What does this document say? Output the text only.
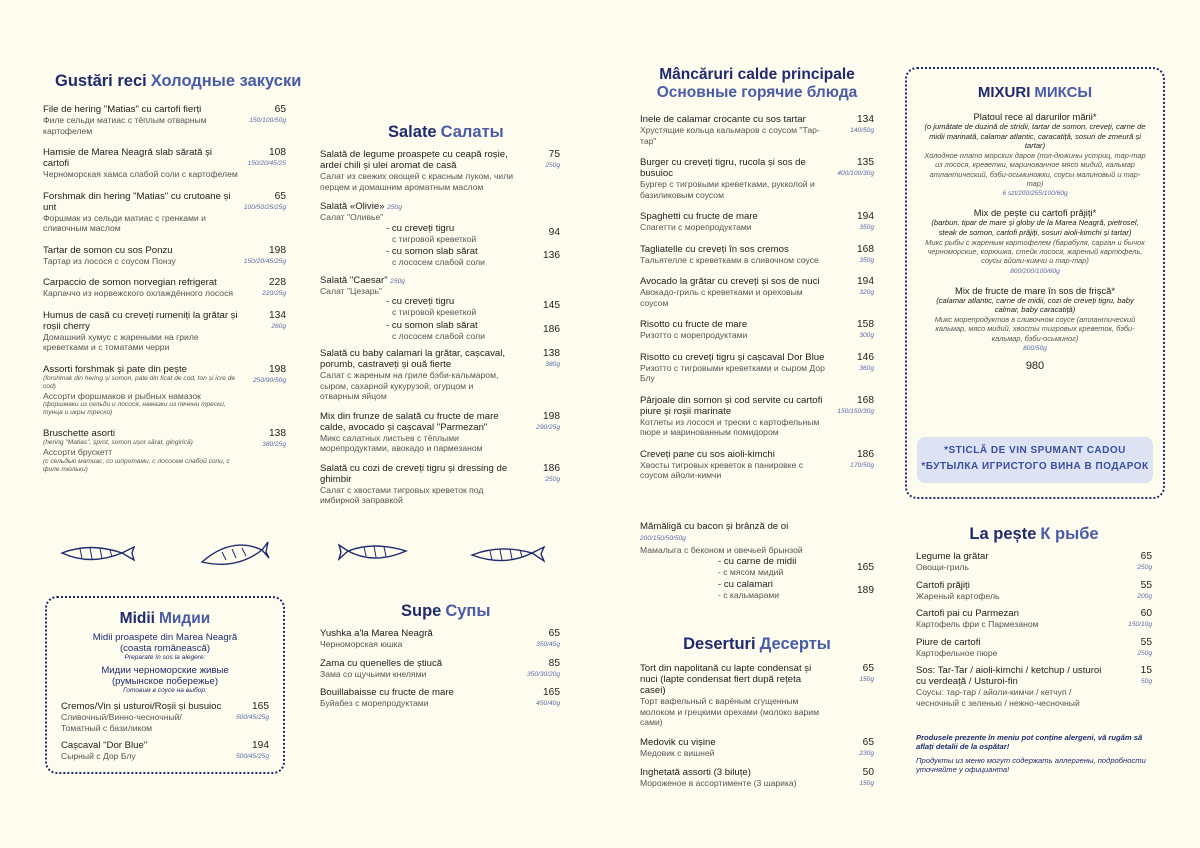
Gustări reci Холодные закуски
File de hering "Matias" cu cartofi fierți
Филе сельди матиас с тёплым отварным картофелем
65
150/100/50g
Hamsie de Marea Neagră slab sărată și cartofi
Черноморская хамса слабой соли с картофелем
108
150/20/45/25
Forshmak din hering "Matias" cu crutoane și unt
Форшмак из сельди матиас с гренками и сливочным маслом
65
100/50/25/25g
Tartar de somon cu sos Ponzu
Тартар из лосося с соусом Понзу
198
150/20/45/25g
Carpaccio de somon norvegian refrigerat
Карпаччо из норвежского охлаждённого лосося
228
220/25g
Humus de casă cu creveți rumeniți la grătar și roșii cherry
Домашний хумус с жареными на гриле креветками и с томатами черри
134
260g
Assorti forshmak și pate din pește
(forshmak din hering și somon, pate din ficat de cod, ton și icre de cod)
Ассорти форшмаков и рыбных намазок
(форшмаки из сельди и лосося, намазки из печени трески, тунца и икры трески)
198
250/90/50g
Bruschette asorti
(hering "Matias", șprot, somon ușor sărat, gingirică)
Ассорти брускетт
(с сельдью матиас, со шпротами, с лососем слабой соли, с филе тюльки)
138
380/25g
Midii Мидии
Midii proaspete din Marea Neagră (coasta românească)
Preparate în sos la alegere:
Мидии черноморские живые (румынское побережье)
Готовим в соусе на выбор:
Cremos/Vin și usturoi/Roșii și busuioc
Сливочный/Винно-чесночный/ Томатный с базиликом
165
500/45/25g
Cașcaval "Dor Blue"
Сырный с Дор Блу
194
500/45/25g
Salate Салаты
Salată de legume proaspete cu ceapă roșie, ardei chili și ulei aromat de casă
Салат из свежих овощей с красным луком, чили перцем и домашним ароматным маслом
75
250g
Salată «Olivie» 250g
Салат "Оливье"
- cu creveți tigru
с тигровой креветкой
94
- cu somon slab sărat
с лососем слабой соли
136
Salată "Caesar" 250g
Салат "Цезарь"
- cu creveți tigru
с тигровой креветкой
145
- cu somon slab sărat
с лососем слабой соли
186
Salată cu baby calamari la grătar, cașcaval, porumb, castraveți și ouă fierte
Салат с жареным на гриле бэби-кальмаром, сыром, сахарной кукурузой, огурцом и отварным яйцом
138
380g
Mix din frunze de salată cu fructe de mare calde, avocado și cașcaval "Parmezan"
Микс салатных листьев с тёплыми морепродуктами, авокадо и пармезаном
198
290/25g
Salată cu cozi de creveți tigru și dressing de ghimbir
Салат с хвостами тигровых креветок под имбирной заправкой
186
250g
Supe Супы
Yushka a'la Marea Neagră
Черноморская юшка
65
350/45g
Zama cu quenelles de știucă
Зама со щучьими кнелями
85
350/30/20g
Bouillabaisse cu fructe de mare
Буйабез с морепродуктами
165
450/40g
Mâncăruri calde principale
Основные горячие блюда
Inele de calamar crocante cu sos tartar
Хрустящие кольца кальмаров с соусом "Тар-тар"
134
140/50g
Burger cu creveți tigru, rucola și sos de busuioc
Бургер с тигровыми креветками, рукколой и базиликовым соусом
135
400/100/30g
Spaghetti cu fructe de mare
Спагетти с морепродуктами
194
350g
Tagliatelle cu creveți în sos cremos
Тальятелле с креветками в сливочном соусе
168
350g
Avocado la grătar cu creveți și sos de nuci
Авокадо-гриль с креветками и ореховым соусом
194
320g
Risotto cu fructe de mare
Ризотто с морепродуктами
158
300g
Risotto cu creveți tigru și cașcaval Dor Blue
Ризотто с тигровыми креветками и сыром Дор Блу
146
360g
Pârjoale din somon și cod servite cu cartofi piure și roșii marinate
Котлеты из лосося и трески с картофельным пюре и маринованным помидором
168
150/150/30g
Creveți pane cu sos aioli-kimchi
Хвосты тигровых креветок в панировке с соусом айоли-кимчи
186
170/50g
Mămăligă cu bacon și brânză de oi
200/150/50/50g
Мамалыга с беконом и овечьей брынзой
- cu carne de midii
- с мясом мидий	165
- cu calamari
- с кальмарами	189
Deserturi Десерты
Tort din napolitană cu lapte condensat și nuci (lapte condensat fiert după rețeta casei)
Торт вафельный с варёным сгущенным молоком и грецкими орехами (молоко варим сами)
65
150g
Medovik cu vișine
Медовик с вишней
65
230g
Inghetată assorti (3 biluțe)
Мороженое в ассортименте (3 шарика)
50
150g
MIXURI МИКСЫ
Platoul rece al darurilor mării*
(o jumătate de duzină de stridii, tartar de somon, creveți, carne de midii marinată, calamar atlantic, caracatiță, sosuri de zmeură și tartar)
Холодное плато морских даров (пол-дюжины устриц, тар-тар из лосося, креветки, маринованное мясо мидий, кальмар атлантический, бэби-осьминожки, соусы малиновый и тар-тар)
6 szt/200/255/100/60g
Mix de pește cu cartofi prăjiți*
(barbun, tipar de mare și globy de la Marea Neagră, pietrosel, steak de somon, cartofi prăjiți, sosuri aioli-kimchi și tartar)
Микс рыбы с жареным картофелем (барабуля, сарган и бычок черноморские, корюшка, стейк лосося, жареный картофель, соусы айоли-кимчи и тар-тар)
800/200/100/60g
Mix de fructe de mare în sos de frișcă*
(calamar atlantic, carne de midii, cozi de creveți tigru, baby calmar, baby caracatiță)
Микс морепродуктов в сливочном соусе (атлантический кальмар, мясо мидий, хвосты тигровых креветок, бэби-кальмар, бэби-осьминог)
800/50g
980
*STICLĂ DE VIN SPUMANT CADOU
*БУТЫЛКА ИГРИСТОГО ВИНА В ПОДАРОК
La pește К рыбе
Legume la grătar
Овощи-гриль
65
250g
Cartofi prăjiți
Жареный картофель
55
200g
Cartofi pai cu Parmezan
Картофель фри с Пармезаном
60
150/10g
Piure de cartofi
Картофельное пюре
55
250g
Sos: Tar-Tar / aioli-kimchi / ketchup / usturoi cu verdeață / Usturoi-fin
Соусы: тар-тар / айоли-кимчи / кетчуп / чесночный с зеленью / нежно-чесночный
15
50g
Produsele prezente în meniu pot conține alergeni, vă rugăm să aflați detalii de la ospătar!
Продукты из меню могут содержать аллергены, подробности уточняйте у официанта!
